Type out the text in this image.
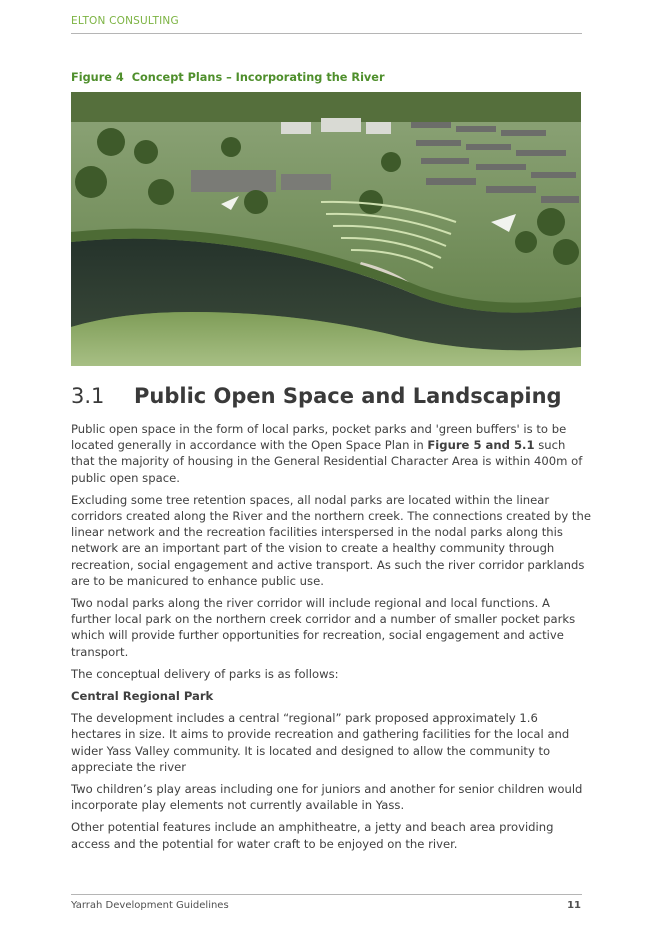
ELTON CONSULTING
Figure 4 Concept Plans – Incorporating the River
3.1 Public Open Space and Landscaping

Public open space in the form of local parks, pocket parks and 'green buffers' is to be located generally in accordance with the Open Space Plan in Figure 5 and 5.1 such that the majority of housing in the General Residential Character Area is within 400m of public open space.

Excluding some tree retention spaces, all nodal parks are located within the linear corridors created along the River and the northern creek. The connections created by the linear network and the recreation facilities interspersed in the nodal parks along this network are an important part of the vision to create a healthy community through recreation, social engagement and active transport. As such the river corridor parklands are to be manicured to enhance public use.

Two nodal parks along the river corridor will include regional and local functions. A further local park on the northern creek corridor and a number of smaller pocket parks which will provide further opportunities for recreation, social engagement and active transport.

The conceptual delivery of parks is as follows:

Central Regional Park

The development includes a central “regional” park proposed approximately 1.6 hectares in size. It aims to provide recreation and gathering facilities for the local and wider Yass Valley community. It is located and designed to allow the community to appreciate the river

Two children’s play areas including one for juniors and another for senior children would incorporate play elements not currently available in Yass.

Other potential features include an amphitheatre, a jetty and beach area providing access and the potential for water craft to be enjoyed on the river.

Yarrah Development Guidelines	11
